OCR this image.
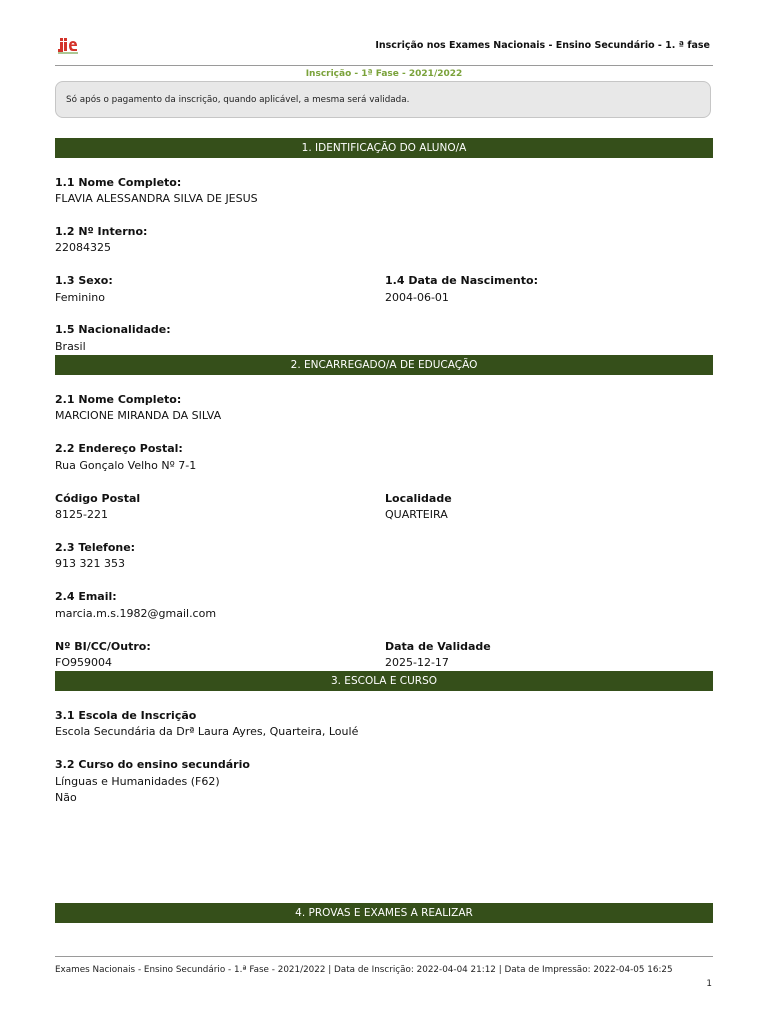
Inscrição nos Exames Nacionais - Ensino Secundário - 1. ª fase
Inscrição - 1ª Fase - 2021/2022
Só após o pagamento da inscrição, quando aplicável, a mesma será validada.
1. IDENTIFICAÇÃO DO ALUNO/A
1.1 Nome Completo:
FLAVIA ALESSANDRA SILVA DE JESUS
1.2 Nº Interno:
22084325
1.3 Sexo:
Feminino
1.4 Data de Nascimento:
2004-06-01
1.5 Nacionalidade:
Brasil
2. ENCARREGADO/A DE EDUCAÇÃO
2.1 Nome Completo:
MARCIONE MIRANDA DA SILVA
2.2 Endereço Postal:
Rua Gonçalo Velho Nº 7-1
Código Postal
8125-221
Localidade
QUARTEIRA
2.3 Telefone:
913 321 353
2.4 Email:
marcia.m.s.1982@gmail.com
Nº BI/CC/Outro:
FO959004
Data de Validade
2025-12-17
3. ESCOLA E CURSO
3.1 Escola de Inscrição
Escola Secundária da Drª Laura Ayres, Quarteira, Loulé
3.2 Curso do ensino secundário
Línguas e Humanidades (F62)
Não
4. PROVAS E EXAMES A REALIZAR
Exames Nacionais - Ensino Secundário - 1.ª Fase - 2021/2022 | Data de Inscrição: 2022-04-04 21:12 | Data de Impressão: 2022-04-05 16:25
1
